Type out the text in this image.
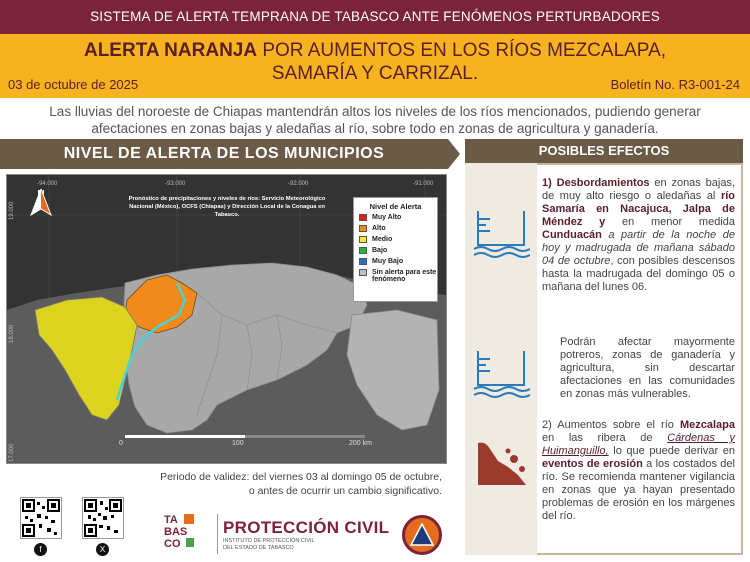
SISTEMA DE ALERTA TEMPRANA DE TABASCO ANTE FENÓMENOS PERTURBADORES
ALERTA NARANJA POR AUMENTOS EN LOS RÍOS MEZCALAPA,
SAMARÍA Y CARRIZAL.
03 de octubre de 2025	Boletín No. R3-001-24
Las lluvias del noroeste de Chiapas mantendrán altos los niveles de los ríos mencionados, pudiendo generar afectaciones en zonas bajas y aledañas al río, sobre todo en zonas de agricultura y ganadería.
NIVEL DE ALERTA DE LOS MUNICIPIOS
-94.000	-93.000	-92.000	-91.000
19.000
18.000
17.000
0	100	200 km
Pronóstico de precipitaciones y niveles de ríos: Servicio Meteorológico Nacional (México), OCFS (Chiapas) y Dirección Local de la Conagua en Tabasco.
Nivel de Alerta
Muy Alto
Alto
Medio
Bajo
Muy Bajo
Sin alerta para este fenómeno
Periodo de validez: del viernes 03 al domingo 05 de octubre,
o antes de ocurrir un cambio significativo.
f	X
TA
BAS
CO
PROTECCIÓN CIVIL
INSTITUTO DE PROTECCIÓN CIVIL
DEL ESTADO DE TABASCO
POSIBLES EFECTOS
1) Desbordamientos en zonas bajas, de muy alto riesgo o aledañas al río Samaría en Nacajuca, Jalpa de Méndez y en menor medida Cunduacán a partir de la noche de hoy y madrugada de mañana sábado 04 de octubre, con posibles descensos hasta la madrugada del domingo 05 o mañana del lunes 06.
Podrán afectar mayormente potreros, zonas de ganadería y agricultura, sin descartar afectaciones en las comunidades en zonas más vulnerables.
2) Aumentos sobre el río Mezcalapa en las ribera de Cárdenas y Huimanguillo, lo que puede derivar en eventos de erosión a los costados del río. Se recomienda mantener vigilancia en zonas que ya hayan presentado problemas de erosión en los márgenes del río.
